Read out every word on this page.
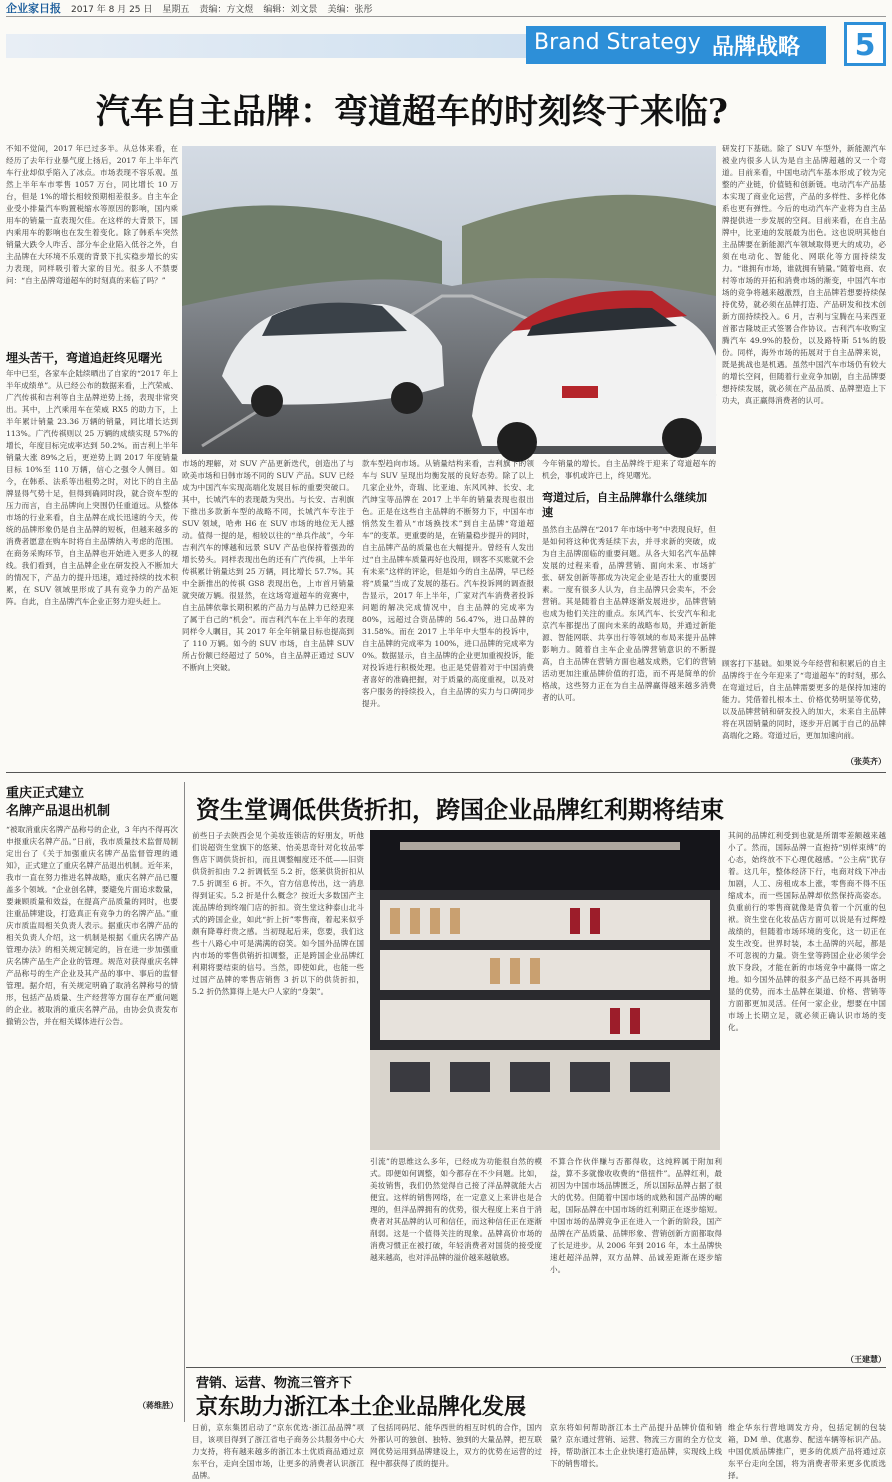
企业家日报 2017 年 8 月 25 日 星期五 责编：方文煜 编辑：刘文景 美编：张彤
Brand Strategy 品牌战略	5
汽车自主品牌：弯道超车的时刻终于来临?
不知不觉间，2017 年已过多半。从总体来看，在经历了去年行业暴气度上扬后，2017 年上半年汽车行业却似乎陷入了冰点。市场表现不容乐观。虽然上半年车市零售 1057 万台，同比增长 10 万台，但是 1%的增长相较预期相差很多。自主车企业受小排量汽车购置税缩水等原因的影响，国内乘用车的销量一直表现欠佳。在这样的大背景下，国内乘用车的影响也在发生着变化。除了韩系车突然销量大跌令人咋舌、部分车企业陷入低谷之外，自主品牌在大环境不乐观的背景下扎实稳步增长的实力表现，同样吸引着大家的目光。很多人不禁要问：“自主品牌弯道超车的时刻真的来临了吗？”
埋头苦干，弯道追赶终见曙光
年中已至，各家车企陆续晒出了自家的“2017 年上半年成绩单”。从已经公布的数据来看，上汽荣威、广汽传祺和吉利等自主品牌逆势上扬，表现非常突出。其中，上汽乘用车在荣威 RX5 的助力下，上半年累计销量 23.36 万辆的销量，同比增长达到 113%。广汽传祺则以 25 万辆的成绩实现 57%的增长，年度目标完成率达到 50.2%。而吉利上半年销量大涨 89%之后，更逆势上调 2017 年度销量目标 10%至 110 万辆，信心之强令人侧目。如今，在韩系、法系等出租势之时，对比下的自主品牌显得气势十足，但得到确同时段，就合资车型的压力而言，自主品牌向上突围仍任重道远。从整体市场的行业来看，自主品牌在成长迅速的今天，传统的品牌形象仍是自主品牌的短板，但越来越多的消费者愿意在购车时将自主品牌纳入考虑的范围。在商务采购环节，自主品牌也开始进入更多人的视线。我们看到，自主品牌企业在研发投入不断加大的情况下，产品力的提升迅速，通过持续的技术积累，在 SUV 领域里形成了具有竞争力的产品矩阵。自此，自主品牌汽车企业正努力迎头赶上。
市场的理解，对 SUV 产品更新迭代，创造出了与欧美市场和日韩市场不同的 SUV 产品。SUV 已经成为中国汽车实现高端化发展目标的重要突破口。其中，长城汽车的表现最为突出。与长安、吉利旗下推出多款新车型的战略不同，长城汽车专注于 SUV 领域，哈弗 H6 在 SUV 市场的地位无人撼动。值得一提的是，相较以往的“单兵作战”，今年吉利汽车的博越和远景 SUV 产品也保持着强劲的增长势头。同样表现出色的还有广汽传祺，上半年传祺累计销量达到 25 万辆，同比增长 57.7%。其中全新推出的传祺 GS8 表现出色，上市首月销量就突破万辆。很显然，在这场弯道超车的竞赛中，自主品牌依靠长期积累的产品力与品牌力已经迎来了属于自己的“机会”。而吉利汽车在上半年的表现同样令人瞩目，其 2017 年全年销量目标也提高到了 110 万辆。如今的 SUV 市场，自主品牌 SUV 所占份额已经超过了 50%，自主品牌正通过 SUV 不断向上突破。
款车型趋向市场。从销量结构来看，吉利旗下的领车与 SUV 呈现出均衡发展的良好态势。除了以上几家企业外，奇瑞、比亚迪、东风风神、长安、北汽绅宝等品牌在 2017 上半年的销量表现也很出色。正是在这些自主品牌的不断努力下，中国车市悄然发生着从“市场换技术”到自主品牌“弯道超车”的变革。更重要的是，在销量稳步提升的同时，自主品牌产品的质量也在大幅提升。曾经有人发出过“自主品牌车质量再好也没用，顾客不买账就不会有未来”这样的评论，但是如今的自主品牌，早已经将“质量”当成了发展的基石。汽车投诉网的调查报告显示，2017 年上半年，广家对汽车消费者投诉问题的解决完成情况中，自主品牌的完成率为 80%，远超过合资品牌的 56.47%，进口品牌的 31.58%。而在 2017 上半年中大型车的投诉中，自主品牌的完成率为 100%，进口品牌的完成率为 0%。数据显示，自主品牌的企业更加重视投诉，能对投诉进行积极处理。也正是凭借着对于中国消费者喜好的准确把握，对于质量的高度重视，以及对客户服务的持续投入，自主品牌的实力与口碑同步提升。
今年销量的增长。自主品牌终于迎来了弯道超车的机会，事机或许已上，终见曙光。
弯道过后，自主品牌靠什么继续加速
虽然自主品牌在“2017 年市场中考”中表现良好，但是如何将这种优秀延续下去，并寻求新的突破，成为自主品牌面临的重要问题。从各大知名汽车品牌发展的过程来看，品牌营销、面向未来、市场扩张、研发创新等都成为决定企业是否壮大的重要因素。一度有很多人认为，自主品牌只会卖车，不会营销。其是随着自主品牌逐渐发展进步，品牌营销也成为他们关注的重点。东风汽车、长安汽车和北京汽车都提出了面向未来的战略布局，并通过新能源、智能网联、共享出行等领域的布局来提升品牌影响力。随着自主车企业品牌营销意识的不断提高，自主品牌在营销方面也越发成熟，它们的营销活动更加注重品牌价值的打造，而不再是简单的价格战，这些努力正在为自主品牌赢得越来越多消费者的认可。
研发打下基础。除了 SUV 车型外，新能源汽车被业内很多人认为是自主品牌超越的又一个弯道。目前来看，中国电动汽车基本形成了较为完整的产业链，价值链和创新链。电动汽车产品基本实现了商业化运营，产品的多样性、多样化体系也更有弹性。今后的电动汽车产业将为自主品牌提供进一步发展的空间。目前来看，在自主品牌中，比亚迪的发展最为出色。这也说明其他自主品牌要在新能源汽车领域取得更大的成功，必须在电动化、智能化、网联化等方面持续发力。“谁拥有市场，谁就拥有销量。”随着电商、农村等市场的开拓和消费市场的渐变，中国汽车市场的竞争将越来越激烈，自主品牌若想要持续保持优势，就必须在品牌打造、产品研发和技术创新方面持续投入。6 月，吉利与宝腾在马来西亚首都吉隆坡正式签署合作协议。吉利汽车收购宝腾汽车 49.9%的股份，以及路特斯 51%的股份。同样，海外市场的拓展对于自主品牌来说，既是挑战也是机遇。虽然中国汽车市场仍有较大的增长空间，但随着行业竞争加剧，自主品牌要想持续发展，就必须在产品品质、品牌塑造上下功夫，真正赢得消费者的认可。
顾客打下基础。如果说今年经营和积累后的自主品牌终于在今年迎来了“弯道超车”的时刻，那么在弯道过后，自主品牌需要更多的是保持加速的能力。凭借着扎根本土、价格优势明显等优势，以及品牌营销和研发投入的加大，未来自主品牌将在巩固销量的同时，逐步开启属于自己的品牌高端化之路。弯道过后，更加加速向前。
（张英齐）
重庆正式建立
名牌产品退出机制
“被取消重庆名牌产品称号的企业，3 年内不得再次申报重庆名牌产品。”日前，我市质量技术监督局制定出台了《关于加强重庆名牌产品监督管理的通知》，正式建立了重庆名牌产品退出机制。近年来，我市一直在努力推进名牌战略，重庆名牌产品已覆盖多个领域。“企业创名牌，要避免片面追求数量，要兼顾质量和效益，在提高产品质量的同时，也要注重品牌建设，打造真正有竞争力的名牌产品。”重庆市质监局相关负责人表示。据重庆市名牌产品的相关负责人介绍，这一机制是根据《重庆名牌产品管理办法》的相关规定制定的，旨在进一步加强重庆名牌产品生产企业的管理。规范对获得重庆名牌产品称号的生产企业及其产品的事中、事后的监督管理。据介绍，有关规定明确了取消名牌称号的情形，包括产品质量、生产经营等方面存在严重问题的企业。被取消的重庆名牌产品，由协会负责发布撤销公告，并在相关媒体进行公告。
（蒋维胜）
资生堂调低供货折扣，跨国企业品牌红利期将结束
前些日子去陕西会见个美妆连锁店的好朋友，听他们说超资生堂旗下的悠莱、怡美思奇针对化妆品零售店下调供货折扣，而且调整幅度还不低——旧资供货折扣由 7.2 折调低至 5.2 折，悠莱供货折扣从 7.5 折调至 6 折。不久，官方信息传出，这一消息得到证实。5.2 折是什么概念？按近大多数国产主流品牌给到终端门店的折扣。资生堂这种泰山北斗式的跨国企业，如此“折上折”零售商，着起来似乎颇有降尊纡贵之感。当初现起后来，您要，我们这些十八路心中可是满满的窃笑。如今国外品牌在国内市场的零售供销折扣调整，正是跨国企业品牌红利期将要结束的信号。当然，即使如此，也能一些过国产品牌的零售店销售 3 折以下的供货折扣，5.2 折仍然算得上是大户人家的“身架”。
引流”的思维这么多年，已经成为功能很自然的模式。即便如何调整，如今都存在不少问题。比如，美妆销售，我们仍然觉得自己接了洋品牌就能大占便宜。这样的销售网络，在一定意义上来讲也是合理的，但洋品牌拥有的优势，很大程度上来自于消费者对其品牌的认可和信任，而这种信任正在逐渐削弱。这是一个值得关注的现象。品牌高价市场的消费习惯正在被打破，年轻消费者对国货的接受度越来越高，也对洋品牌的溢价越来越敏感。
不算合作伙伴赚与否都得收，这纯粹属于附加利益，算不多就像收收费的“借扭件”。品牌红利，最初因为中国市场品牌匮乏，所以国际品牌占据了很大的优势。但随着中国市场的成熟和国产品牌的崛起，国际品牌在中国市场的红利期正在逐步缩短。中国市场的品牌竞争正在进入一个新的阶段，国产品牌在产品质量、品牌形象、营销创新方面都取得了长足进步。从 2006 年到 2016 年，本土品牌快速赶超洋品牌，双方品牌、品诚差距渐在逐步缩小。
其间的品牌红利受到也就是所谓零差额越来越小了。然而，国际品牌一直抱持“别样束缚”的心态，始终放不下心理优越感。“公主病”犹存着。这几年，整体经济下行，电商对线下冲击加剧，人工、房租成本上涨，零售商不得不压缩成本，而一些国际品牌却依然保持高姿态。负重前行的零售商就像是背负着一个沉重的包袱。资生堂在化妆品店方面可以说是有过辉煌战绩的，但随着市场环境的变化，这一切正在发生改变。世界时装，本土品牌的兴起，都是不可忽视的力量。资生堂等跨国企业必须学会放下身段，才能在新的市场竞争中赢得一席之地。如今国外品牌的很多产品已经不再具备明显的优势，而本土品牌在渠道、价格、营销等方面都更加灵活。任何一家企业，想要在中国市场上长期立足，就必须正确认识市场的变化。
（王建慧）
营销、运营、物流三管齐下
京东助力浙江本土企业品牌化发展
日前，京东集团启动了“京东优选·浙江品品牌”项目，该项目得到了浙江省电子商务公共服务中心大力支持，将有越来越多的浙江本土优质商品通过京东平台，走向全国市场，让更多的消费者认识浙江品牌。
了包括同码尼、能华西世的相互时机的合作，国内外都认可的独创、独特、独到的大量品牌，把互联网优势运用到品牌建设上，双方的优势在运营的过程中都获得了质的提升。
京东将如何帮助浙江本土产品提升品牌价值和销量？京东通过营销、运营、物流三方面的全方位支持，帮助浙江本土企业快速打造品牌，实现线上线下的销售增长。
维企华东行营地调发方舟，包括定制的包装箱，DM 单、优惠券、配送车辆等标识产品。中国优质品牌推广，更多的优质产品将通过京东平台走向全国，将为消费者带来更多优质选择。
